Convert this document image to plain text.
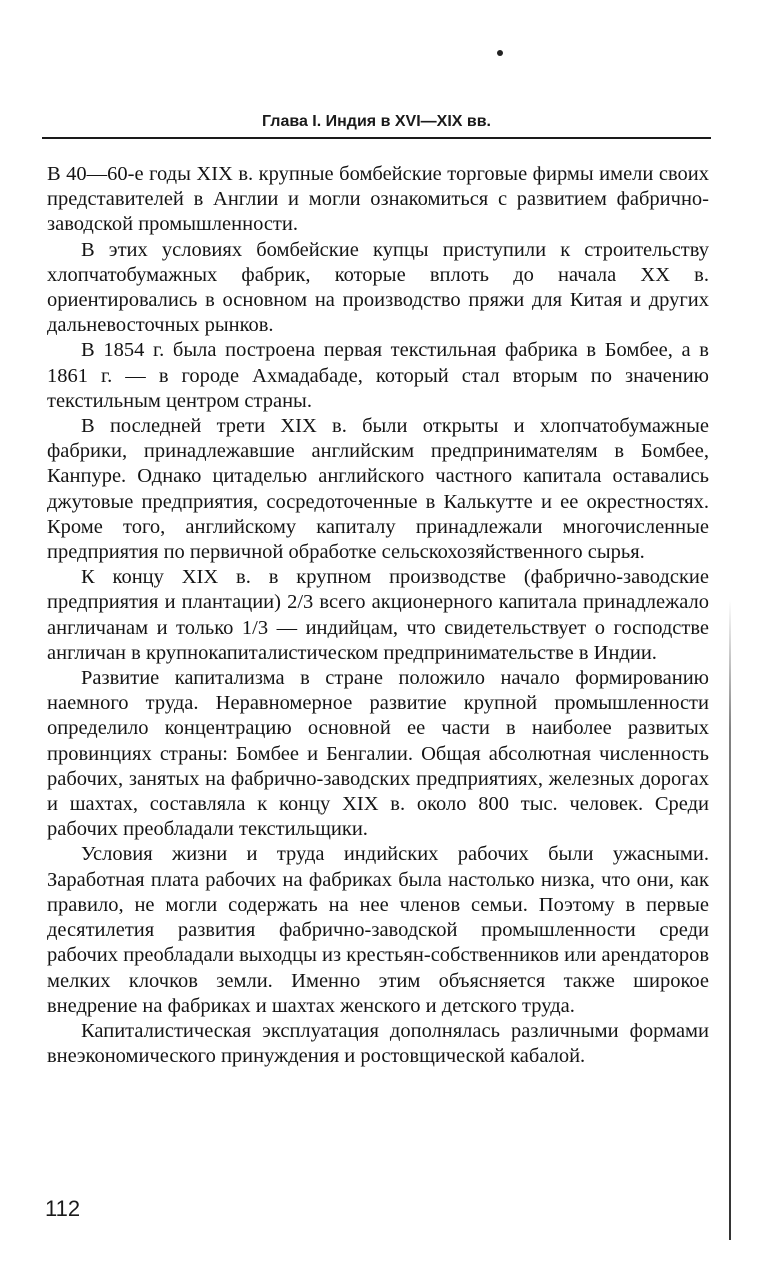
Глава I. Индия в XVI—XIX вв.

В 40—60-е годы XIX в. крупные бомбейские торговые фирмы имели своих представителей в Англии и могли ознакомиться с развитием фабрично-заводской промышленности.

В этих условиях бомбейские купцы приступили к строительству хлопчатобумажных фабрик, которые вплоть до начала XX в. ориентировались в основном на производство пряжи для Китая и других дальневосточных рынков.

В 1854 г. была построена первая текстильная фабрика в Бомбее, а в 1861 г. — в городе Ахмадабаде, который стал вторым по значению текстильным центром страны.

В последней трети XIX в. были открыты и хлопчатобумажные фабрики, принадлежавшие английским предпринимателям в Бомбее, Канпуре. Однако цитаделью английского частного капитала оставались джутовые предприятия, сосредоточенные в Калькутте и ее окрестностях. Кроме того, английскому капиталу принадлежали многочисленные предприятия по первичной обработке сельскохозяйственного сырья.

К концу XIX в. в крупном производстве (фабрично-заводские предприятия и плантации) 2/3 всего акционерного капитала принадлежало англичанам и только 1/3 — индийцам, что свидетельствует о господстве англичан в крупнокапиталистическом предпринимательстве в Индии.

Развитие капитализма в стране положило начало формированию наемного труда. Неравномерное развитие крупной промышленности определило концентрацию основной ее части в наиболее развитых провинциях страны: Бомбее и Бенгалии. Общая абсолютная численность рабочих, занятых на фабрично-заводских предприятиях, железных дорогах и шахтах, составляла к концу XIX в. около 800 тыс. человек. Среди рабочих преобладали текстильщики.

Условия жизни и труда индийских рабочих были ужасными. Заработная плата рабочих на фабриках была настолько низка, что они, как правило, не могли содержать на нее членов семьи. Поэтому в первые десятилетия развития фабрично-заводской промышленности среди рабочих преобладали выходцы из крестьян-собственников или арендаторов мелких клочков земли. Именно этим объясняется также широкое внедрение на фабриках и шахтах женского и детского труда.

Капиталистическая эксплуатация дополнялась различными формами внеэкономического принуждения и ростовщической кабалой.

112
